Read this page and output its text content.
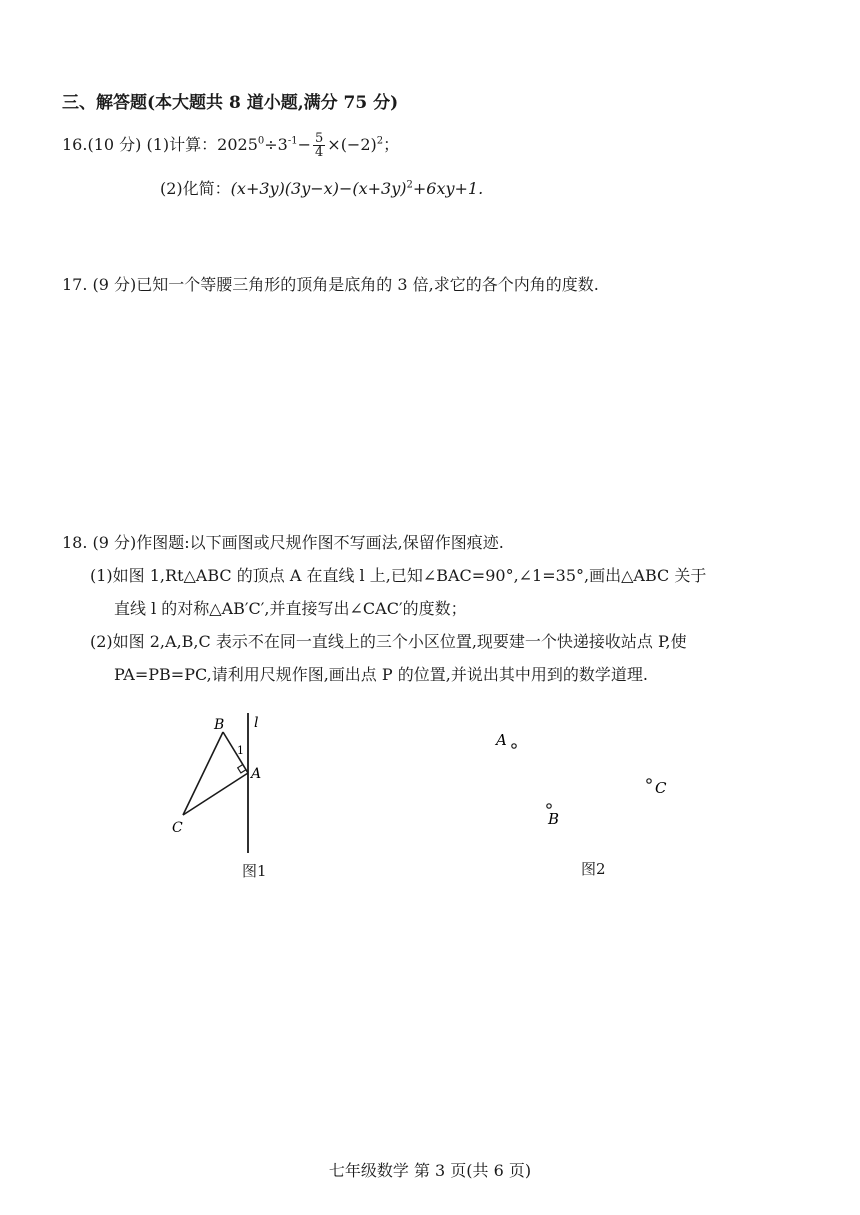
三、解答题(本大题共 8 道小题,满分 75 分)
16.(10 分) (1)计算：$2025^0\div 3^{-1}- \frac{5}{4} \times(-2)^2$；
(2)化简：$(x+3y)(3y-x)-(x+3y)^2+6xy+1$.
17. (9 分)已知一个等腰三角形的顶角是底角的 3 倍,求它的各个内角的度数.
18. (9 分)作图题:以下画图或尺规作图不写画法,保留作图痕迹.
(1)如图 1,Rt△ABC 的顶点 A 在直线 l 上,已知∠BAC=90°,∠1=35°,画出△ABC 关于
直线 l 的对称△AB′C′,并直接写出∠CAC′的度数；
(2)如图 2,A,B,C 表示不在同一直线上的三个小区位置,现要建一个快递接收站点 P,使
PA=PB=PC,请利用尺规作图,画出点 P 的位置,并说出其中用到的数学道理.
B l
1
A
C
图1
A
C
B
图2
七年级数学 第 3 页(共 6 页)
